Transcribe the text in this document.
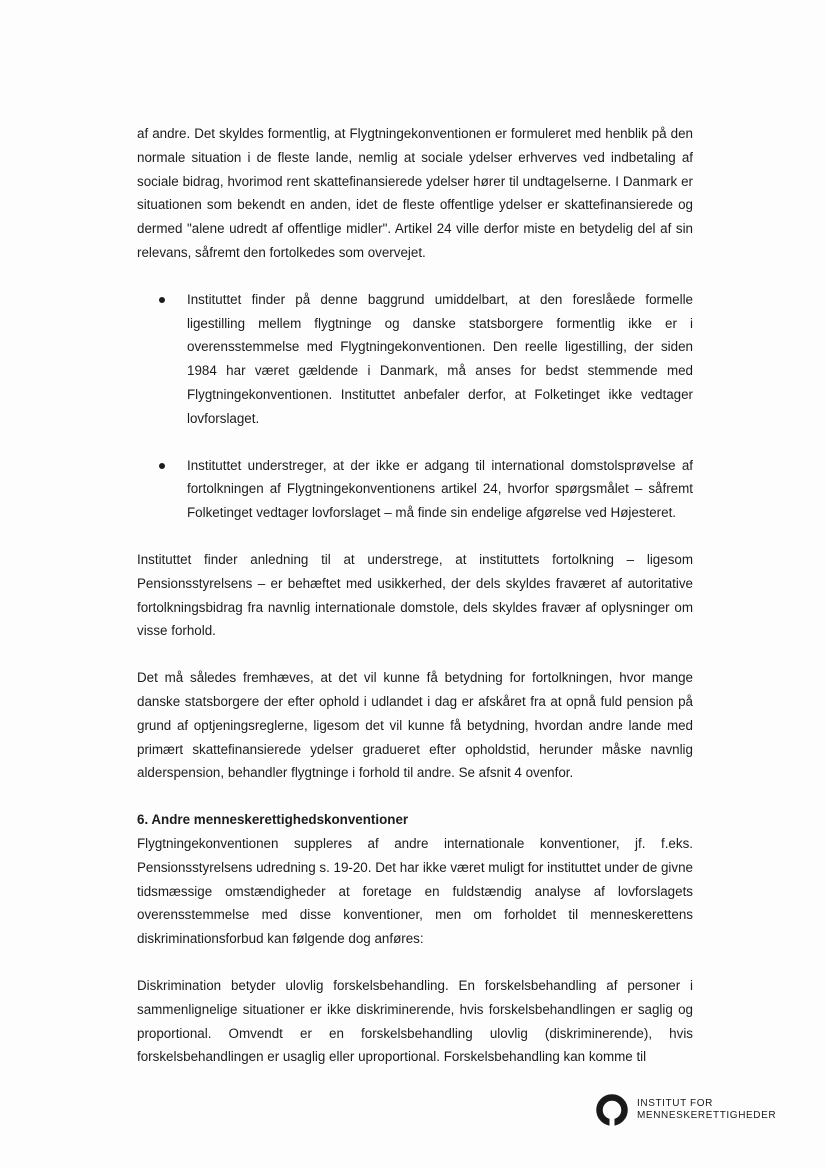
af andre. Det skyldes formentlig, at Flygtningekonventionen er formuleret med henblik på den normale situation i de fleste lande, nemlig at sociale ydelser erhverves ved indbetaling af sociale bidrag, hvorimod rent skattefinansierede ydelser hører til undtagelserne. I Danmark er situationen som bekendt en anden, idet de fleste offentlige ydelser er skattefinansierede og dermed "alene udredt af offentlige midler". Artikel 24 ville derfor miste en betydelig del af sin relevans, såfremt den fortolkedes som overvejet.

Instituttet finder på denne baggrund umiddelbart, at den foreslåede formelle ligestilling mellem flygtninge og danske statsborgere formentlig ikke er i overensstemmelse med Flygtningekonventionen. Den reelle ligestilling, der siden 1984 har været gældende i Danmark, må anses for bedst stemmende med Flygtningekonventionen. Instituttet anbefaler derfor, at Folketinget ikke vedtager lovforslaget.
Instituttet understreger, at der ikke er adgang til international domstolsprøvelse af fortolkningen af Flygtningekonventionens artikel 24, hvorfor spørgsmålet – såfremt Folketinget vedtager lovforslaget – må finde sin endelige afgørelse ved Højesteret.

Instituttet finder anledning til at understrege, at instituttets fortolkning – ligesom Pensionsstyrelsens – er behæftet med usikkerhed, der dels skyldes fraværet af autoritative fortolkningsbidrag fra navnlig internationale domstole, dels skyldes fravær af oplysninger om visse forhold.

Det må således fremhæves, at det vil kunne få betydning for fortolkningen, hvor mange danske statsborgere der efter ophold i udlandet i dag er afskåret fra at opnå fuld pension på grund af optjeningsreglerne, ligesom det vil kunne få betydning, hvordan andre lande med primært skattefinansierede ydelser gradueret efter opholdstid, herunder måske navnlig alderspension, behandler flygtninge i forhold til andre. Se afsnit 4 ovenfor.

6. Andre menneskerettighedskonventioner

Flygtningekonventionen suppleres af andre internationale konventioner, jf. f.eks. Pensionsstyrelsens udredning s. 19-20. Det har ikke været muligt for instituttet under de givne tidsmæssige omstændigheder at foretage en fuldstændig analyse af lovforslagets overensstemmelse med disse konventioner, men om forholdet til menneskerettens diskriminationsforbud kan følgende dog anføres:

Diskrimination betyder ulovlig forskelsbehandling. En forskelsbehandling af personer i sammenlignelige situationer er ikke diskriminerende, hvis forskelsbehandlingen er saglig og proportional. Omvendt er en forskelsbehandling ulovlig (diskriminerende), hvis forskelsbehandlingen er usaglig eller uproportional. Forskelsbehandling kan komme til

INSTITUT FOR
MENNESKERETTIGHEDER
